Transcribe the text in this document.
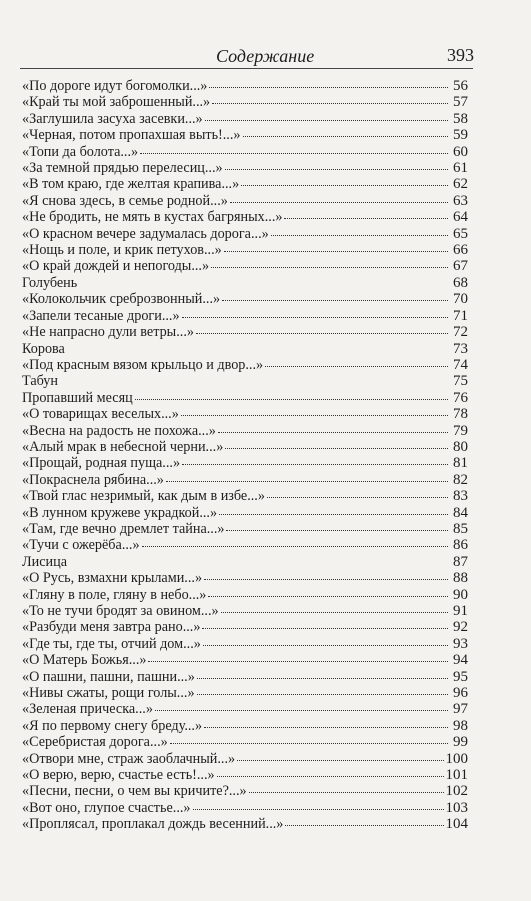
Содержание	393
«По дороге идут богомолки...»	56
«Край ты мой заброшенный...»	57
«Заглушила засуха засевки...»	58
«Черная, потом пропахшая выть!...»	59
«Топи да болота...»	60
«За темной прядью перелесиц...»	61
«В том краю, где желтая крапива...»	62
«Я снова здесь, в семье родной...»	63
«Не бродить, не мять в кустах багряных...»	64
«О красном вечере задумалась дорога...»	65
«Нощь и поле, и крик петухов...»	66
«О край дождей и непогоды...»	67
Голубень	68
«Колокольчик среброзвонный...»	70
«Запели тесаные дроги...»	71
«Не напрасно дули ветры...»	72
Корова	73
«Под красным вязом крыльцо и двор...»	74
Табун	75
Пропавший месяц	76
«О товарищах веселых...»	78
«Весна на радость не похожа...»	79
«Алый мрак в небесной черни...»	80
«Прощай, родная пуща...»	81
«Покраснела рябина...»	82
«Твой глас незримый, как дым в избе...»	83
«В лунном кружеве украдкой...»	84
«Там, где вечно дремлет тайна...»	85
«Тучи с ожерёба...»	86
Лисица	87
«О Русь, взмахни крылами...»	88
«Гляну в поле, гляну в небо...»	90
«То не тучи бродят за овином...»	91
«Разбуди меня завтра рано...»	92
«Где ты, где ты, отчий дом...»	93
«О Матерь Божья...»	94
«О пашни, пашни, пашни...»	95
«Нивы сжаты, рощи голы...»	96
«Зеленая прическа...»	97
«Я по первому снегу бреду...»	98
«Серебристая дорога...»	99
«Отвори мне, страж заоблачный...»	100
«О верю, верю, счастье есть!...»	101
«Песни, песни, о чем вы кричите?...»	102
«Вот оно, глупое счастье...»	103
«Проплясал, проплакал дождь весенний...»	104
